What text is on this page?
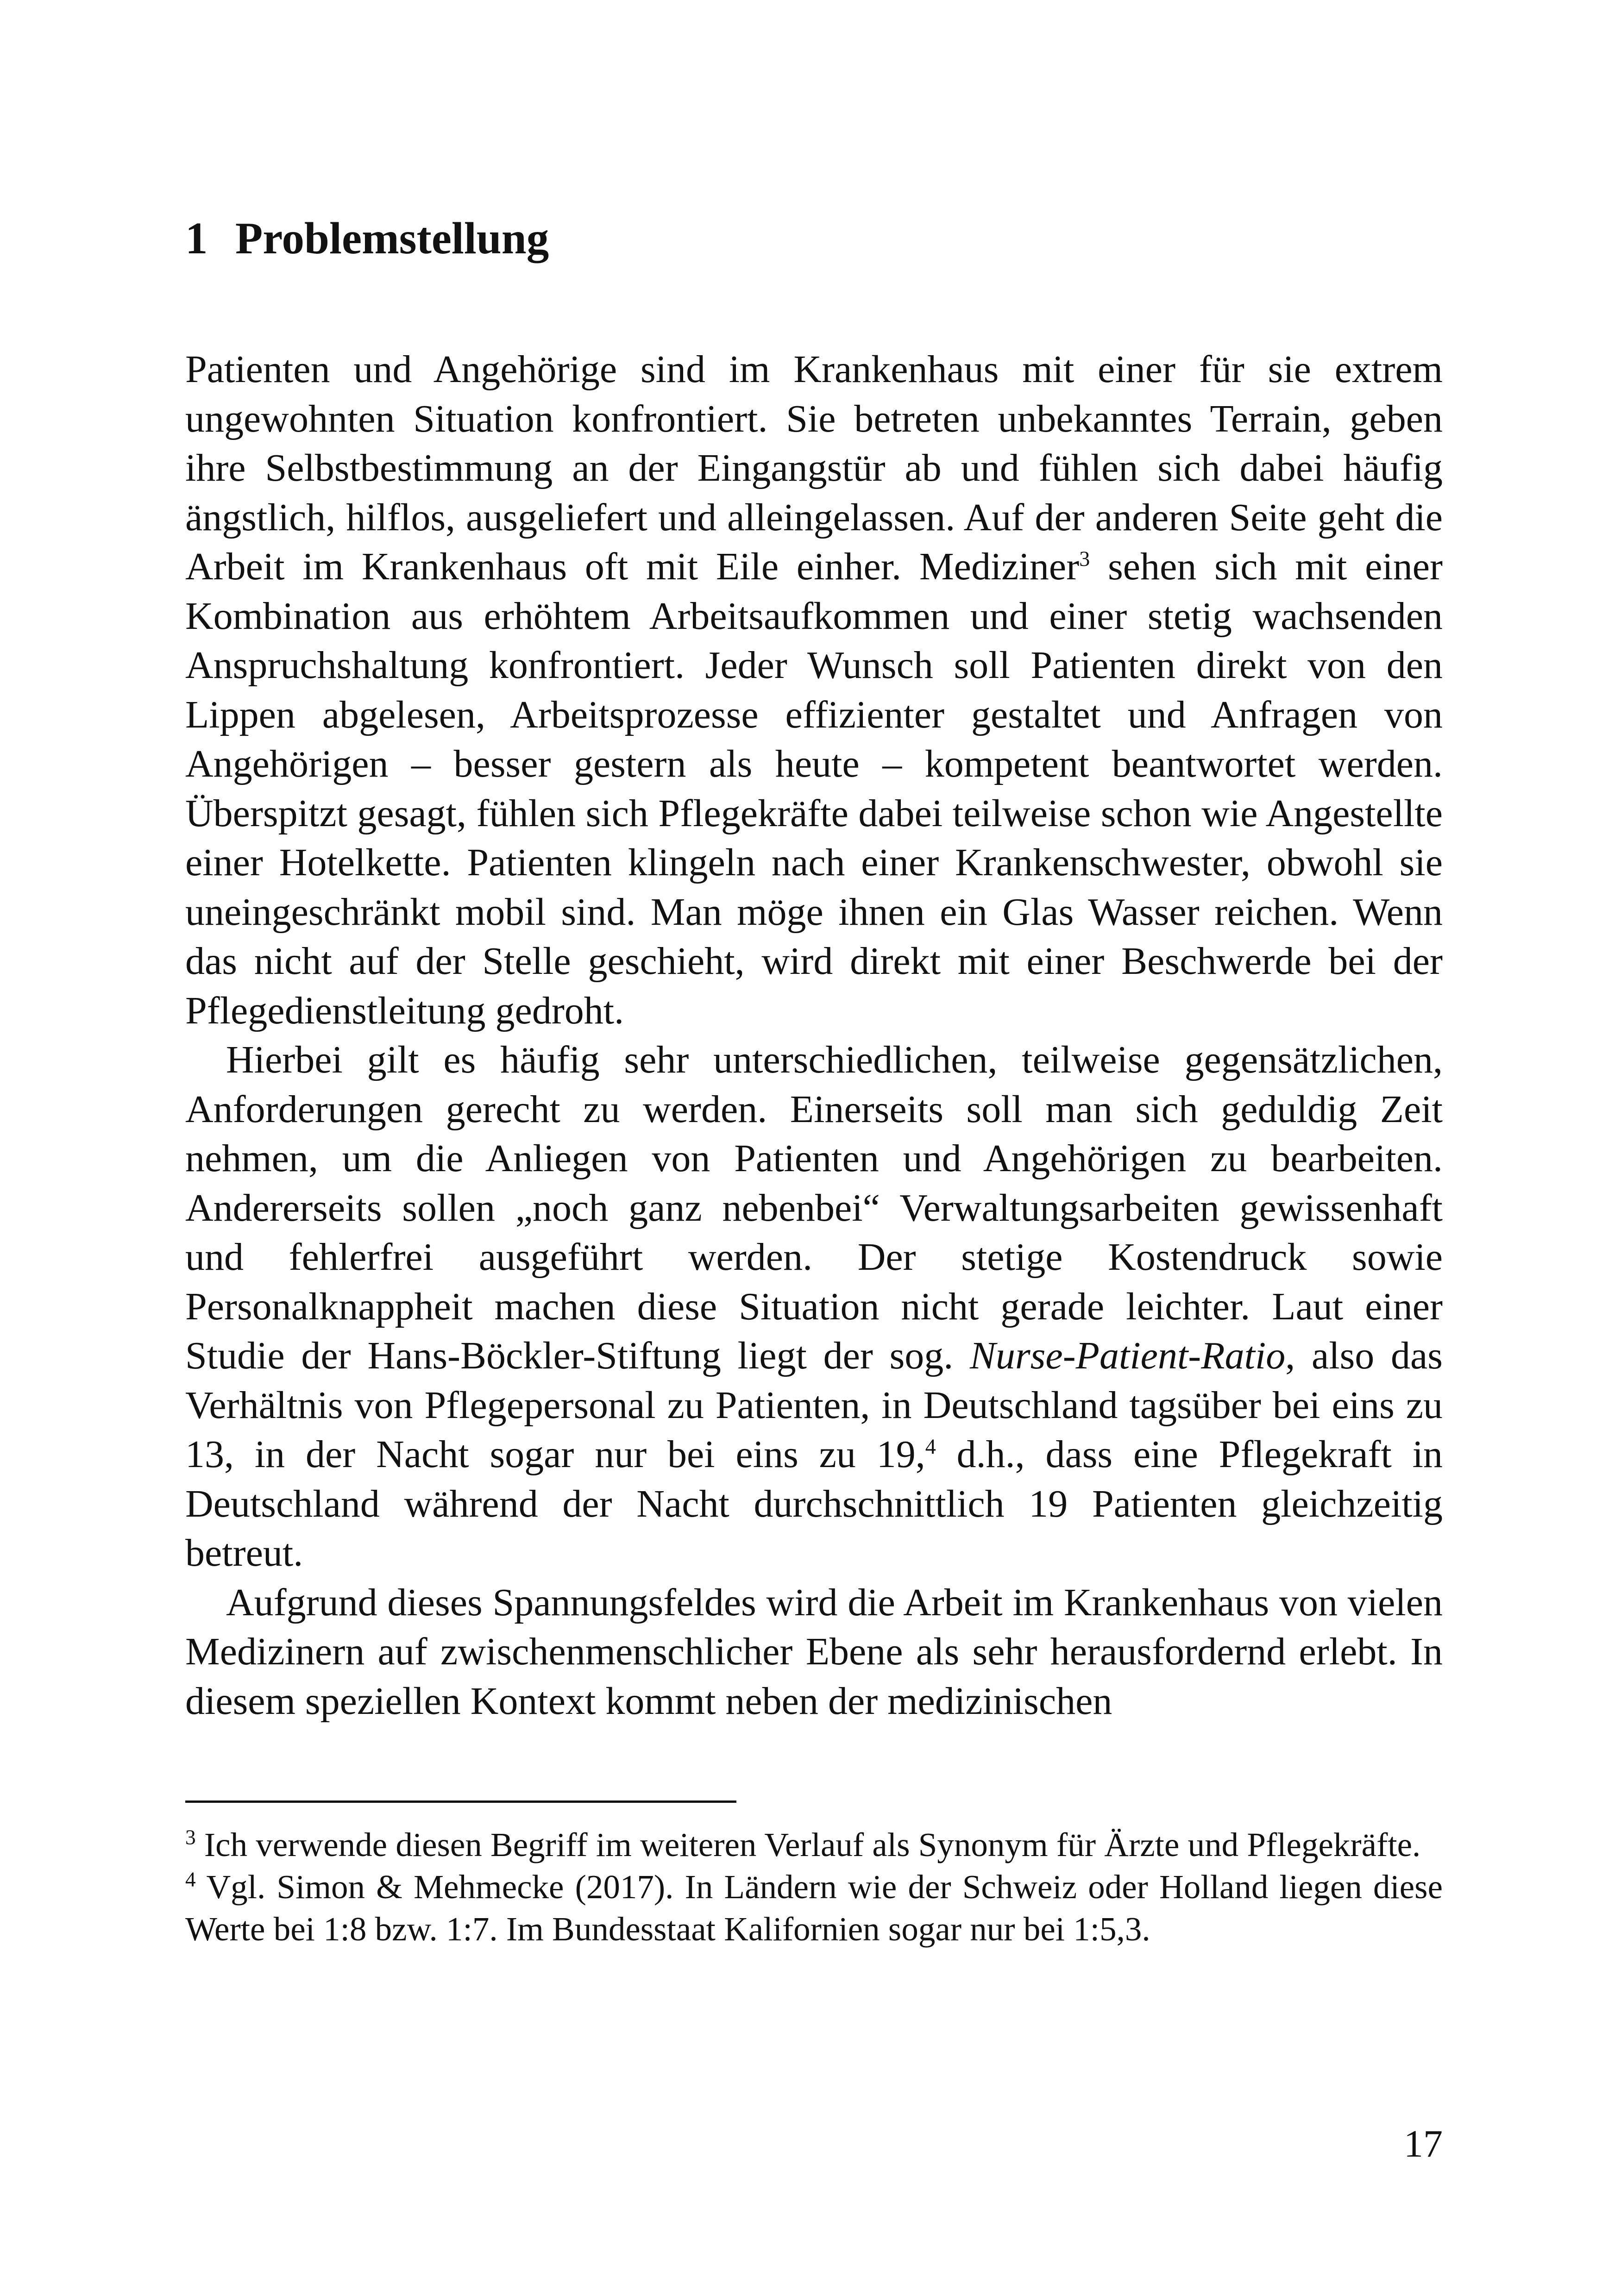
1 Problemstellung

Patienten und Angehörige sind im Krankenhaus mit einer für sie extrem ungewohnten Situation konfrontiert. Sie betreten unbekanntes Terrain, geben ihre Selbstbestimmung an der Eingangstür ab und fühlen sich dabei häufig ängstlich, hilflos, ausgeliefert und alleingelassen. Auf der anderen Seite geht die Arbeit im Krankenhaus oft mit Eile einher. Mediziner$^3$ sehen sich mit einer Kombination aus erhöhtem Arbeitsaufkommen und einer stetig wachsenden Anspruchshaltung konfrontiert. Jeder Wunsch soll Patienten direkt von den Lippen abgelesen, Arbeitsprozesse effizienter gestaltet und Anfragen von Angehörigen – besser gestern als heute – kompetent beantwortet werden. Überspitzt gesagt, fühlen sich Pflegekräfte dabei teilweise schon wie Angestellte einer Hotelkette. Patienten klingeln nach einer Krankenschwester, obwohl sie uneingeschränkt mobil sind. Man möge ihnen ein Glas Wasser reichen. Wenn das nicht auf der Stelle geschieht, wird direkt mit einer Beschwerde bei der Pflegedienstleitung gedroht.

Hierbei gilt es häufig sehr unterschiedlichen, teilweise gegensätzlichen, Anforderungen gerecht zu werden. Einerseits soll man sich geduldig Zeit nehmen, um die Anliegen von Patienten und Angehörigen zu bearbeiten. Andererseits sollen „noch ganz nebenbei“ Verwaltungsarbeiten gewissenhaft und fehlerfrei ausgeführt werden. Der stetige Kostendruck sowie Personalknappheit machen diese Situation nicht gerade leichter. Laut einer Studie der Hans-Böckler-Stiftung liegt der sog. Nurse-Patient-Ratio, also das Verhältnis von Pflegepersonal zu Patienten, in Deutschland tagsüber bei eins zu 13, in der Nacht sogar nur bei eins zu 19,$^4$ d.h., dass eine Pflegekraft in Deutschland während der Nacht durchschnittlich 19 Patienten gleichzeitig betreut.

Aufgrund dieses Spannungsfeldes wird die Arbeit im Krankenhaus von vielen Medizinern auf zwischenmenschlicher Ebene als sehr herausfordernd erlebt. In diesem speziellen Kontext kommt neben der medizinischen

$^3$ Ich verwende diesen Begriff im weiteren Verlauf als Synonym für Ärzte und Pflegekräfte.

$^4$ Vgl. Simon & Mehmecke (2017). In Ländern wie der Schweiz oder Holland liegen diese Werte bei 1:8 bzw. 1:7. Im Bundesstaat Kalifornien sogar nur bei 1:5,3.

17
